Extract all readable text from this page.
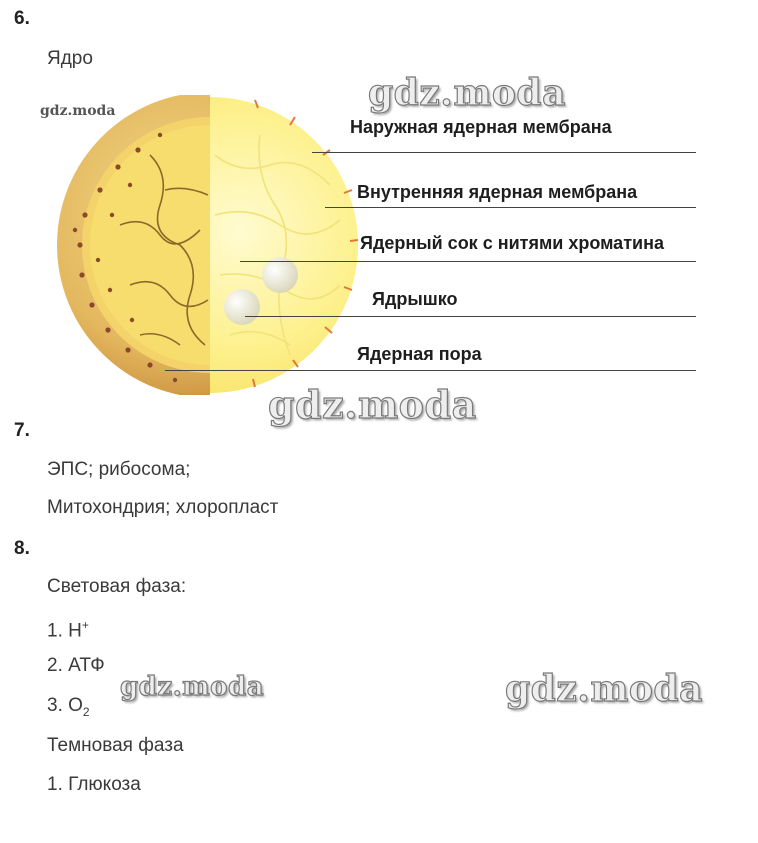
6.
Ядро
gdz.moda
Наружная ядерная мембрана
Внутренняя ядерная мембрана
Ядерный сок с нитями хроматина
Ядрышко
Ядерная пора
gdz.moda
gdz.moda
gdz.moda	gdz.moda
7.
ЭПС; рибосома;
Митохондрия; хлоропласт
8.
Световая фаза:
1. H+
2. АТФ
3. $O_2$
Темновая фаза
1. Глюкоза
